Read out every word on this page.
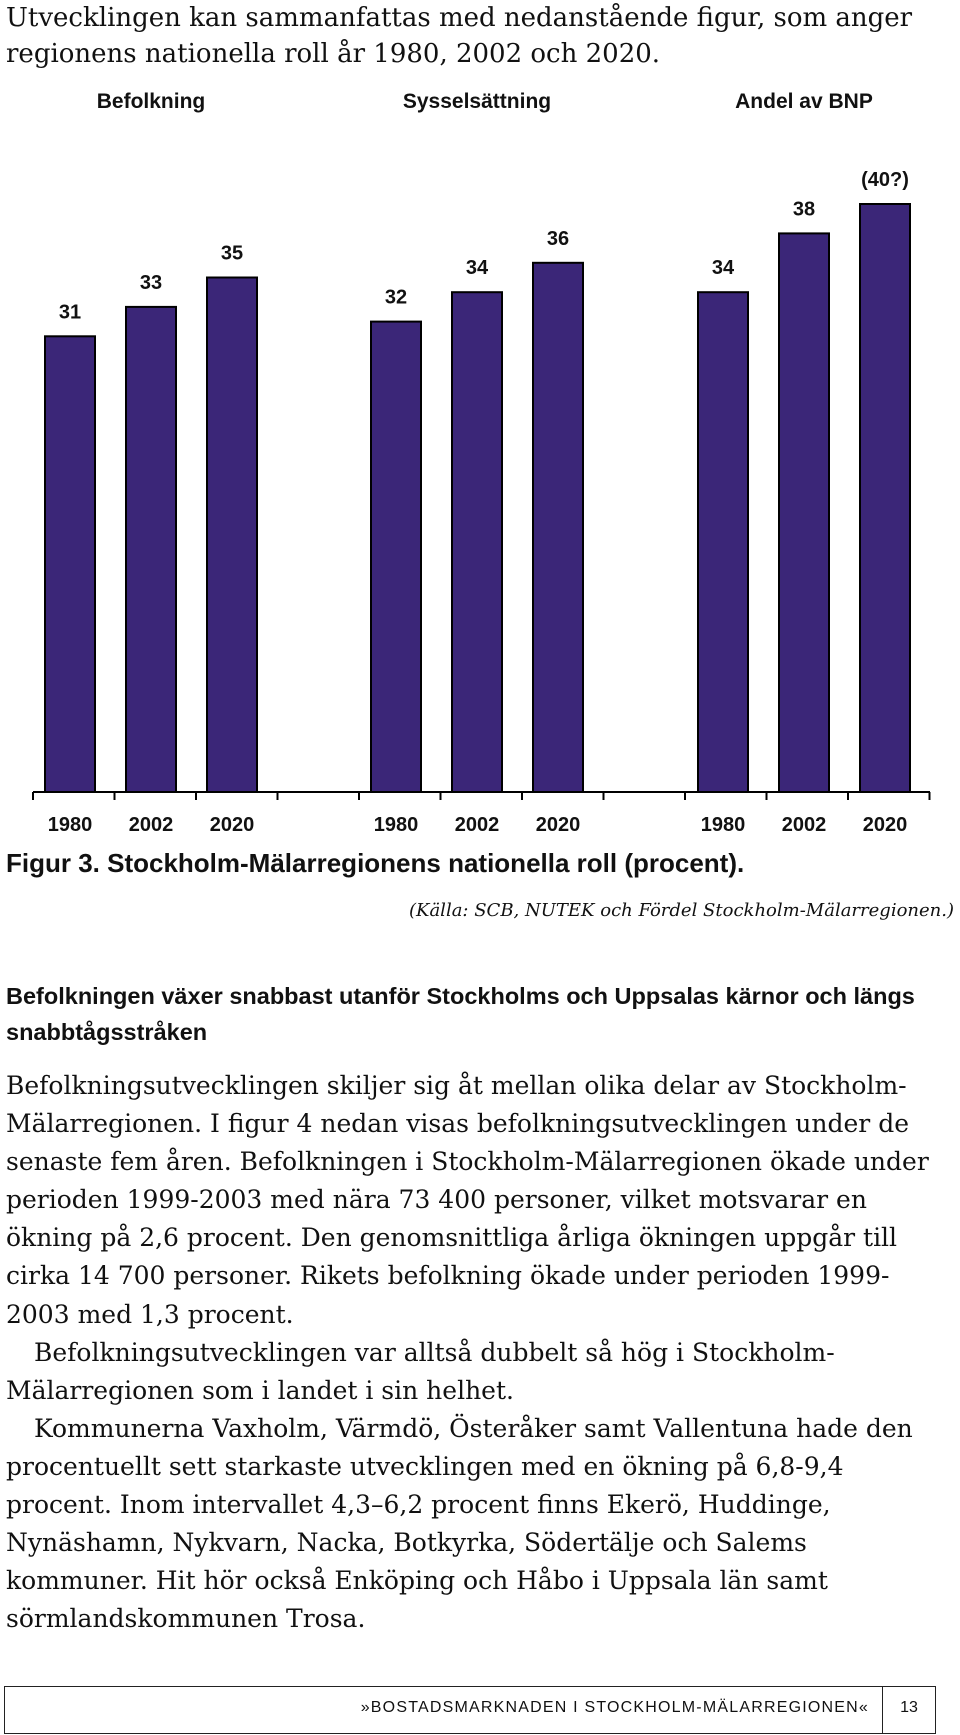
Utvecklingen kan sammanfattas med nedanstående figur, som anger regionens nationella roll år 1980, 2002 och 2020.

Befolkning
31
1980
33
2002
35
2020
Sysselsättning
32
1980
34
2002
36
2020
Andel av BNP
34
1980
38
2002
(40?)
2020

Figur 3. Stockholm-Mälarregionens nationella roll (procent).

(Källa: SCB, NUTEK och Fördel Stockholm-Mälarregionen.)

Befolkningen växer snabbast utanför Stockholms och Uppsalas kärnor och längs snabbtågsstråken

Befolkningsutvecklingen skiljer sig åt mellan olika delar av Stockholm-Mälarregionen. I figur 4 nedan visas befolkningsutvecklingen under de senaste fem åren. Befolkningen i Stockholm-Mälarregionen ökade under perioden 1999-2003 med nära 73 400 personer, vilket motsvarar en ökning på 2,6 procent. Den genomsnittliga årliga ökningen uppgår till cirka 14 700 personer. Rikets befolkning ökade under perioden 1999-2003 med 1,3 procent.

Befolkningsutvecklingen var alltså dubbelt så hög i Stockholm-Mälarregionen som i landet i sin helhet.

Kommunerna Vaxholm, Värmdö, Österåker samt Vallentuna hade den procentuellt sett starkaste utvecklingen med en ökning på 6,8-9,4 procent. Inom intervallet 4,3–6,2 procent finns Ekerö, Huddinge, Nynäshamn, Nykvarn, Nacka, Botkyrka, Södertälje och Salems kommuner. Hit hör också Enköping och Håbo i Uppsala län samt sörmlandskommunen Trosa.

»BOSTADSMARKNADEN I STOCKHOLM-MÄLARREGIONEN«	13
